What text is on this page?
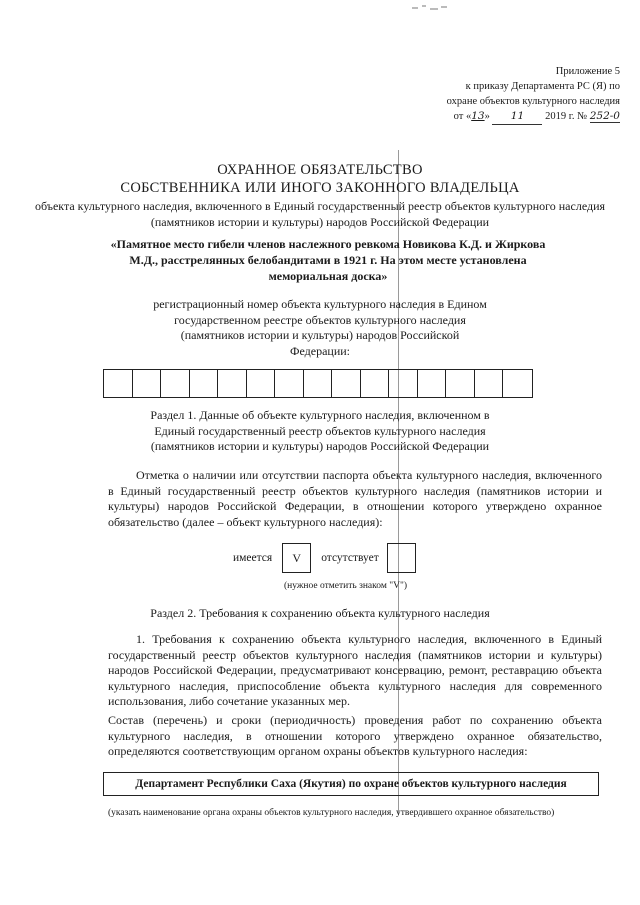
Приложение 5
к приказу Департамента РС (Я) по
охране объектов культурного наследия
от «13» 11 2019 г. № 252-0
ОХРАННОЕ ОБЯЗАТЕЛЬСТВО
СОБСТВЕННИКА ИЛИ ИНОГО ЗАКОННОГО ВЛАДЕЛЬЦА
объекта культурного наследия, включенного в Единый государственный реестр объектов культурного наследия (памятников истории и культуры) народов Российской Федерации
«Памятное место гибели членов наслежного ревкома Новикова К.Д. и Жиркова М.Д., расстрелянных белобандитами в 1921 г. На этом месте установлена мемориальная доска»
регистрационный номер объекта культурного наследия в Едином государственном реестре объектов культурного наследия (памятников истории и культуры) народов Российской Федерации:
Раздел 1. Данные об объекте культурного наследия, включенном в Единый государственный реестр объектов культурного наследия (памятников истории и культуры) народов Российской Федерации
Отметка о наличии или отсутствии паспорта объекта культурного наследия, включенного в Единый государственный реестр объектов культурного наследия (памятников истории и культуры) народов Российской Федерации, в отношении которого утверждено охранное обязательство (далее – объект культурного наследия):
имеется	V	отсутствует
(нужное отметить знаком "V")
Раздел 2. Требования к сохранению объекта культурного наследия
1. Требования к сохранению объекта культурного наследия, включенного в Единый государственный реестр объектов культурного наследия (памятников истории и культуры) народов Российской Федерации, предусматривают консервацию, ремонт, реставрацию объекта культурного наследия, приспособление объекта культурного наследия для современного использования, либо сочетание указанных мер.
Состав (перечень) и сроки (периодичность) проведения работ по сохранению объекта культурного наследия, в отношении которого утверждено охранное обязательство, определяются соответствующим органом охраны объектов культурного наследия:
Департамент Республики Саха (Якутия) по охране объектов культурного наследия
(указать наименование органа охраны объектов культурного наследия, утвердившего охранное обязательство)
